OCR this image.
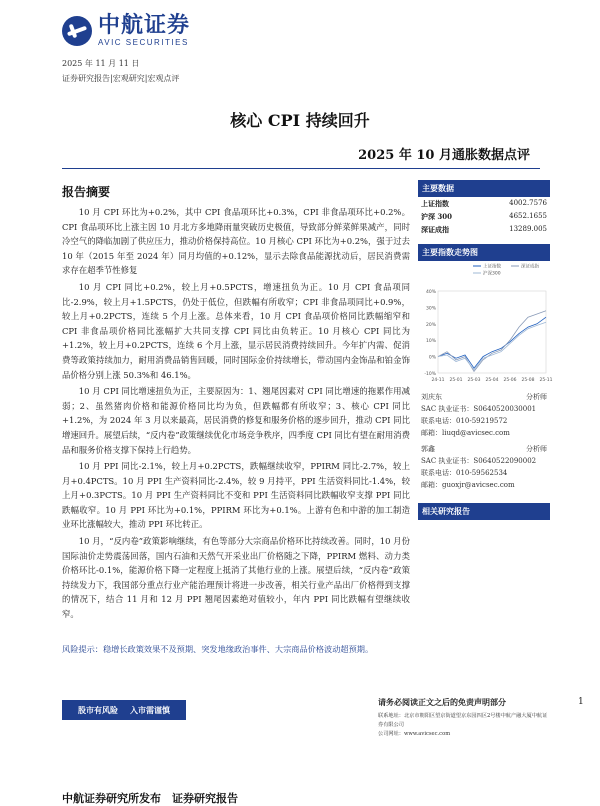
中航证券
AVIC SECURITIES
2025 年 11 月 11 日
证券研究报告|宏观研究|宏观点评
核心 CPI 持续回升
2025 年 10 月通胀数据点评
报告摘要

10 月 CPI 环比为+0.2%，其中 CPI 食品项环比+0.3%，CPI 非食品项环比+0.2%。CPI 食品项环比上涨主因 10 月北方多地降雨量突破历史极值，导致部分鲜菜鲜果减产，同时冷空气的降临加剧了供应压力，推动价格保持高位。10 月核心 CPI 环比为+0.2%，强于过去 10 年（2015 年至 2024 年）同月均值的+0.12%，显示去除食品能源扰动后，居民消费需求存在超季节性修复

10 月 CPI 同比+0.2%，较上月+0.5PCTS，增速扭负为正。10 月 CPI 食品项同比-2.9%，较上月+1.5PCTS，仍处于低位，但跌幅有所收窄；CPI 非食品项同比+0.9%，较上月+0.2PCTS，连续 5 个月上涨。总体来看，10 月 CPI 食品项价格同比跌幅缩窄和 CPI 非食品项价格同比涨幅扩大共同支撑 CPI 同比由负转正。10 月核心 CPI 同比为+1.2%，较上月+0.2PCTS，连续 6 个月上涨，显示居民消费持续回升。今年扩内需、促消费等政策持续加力，耐用消费品销售回暖，同时国际金价持续增长，带动国内金饰品和铂金饰品价格分别上涨 50.3%和 46.1%。

10 月 CPI 同比增速扭负为正，主要原因为：1、翘尾因素对 CPI 同比增速的拖累作用减弱；2、虽然猪肉价格和能源价格同比均为负，但跌幅都有所收窄；3、核心 CPI 同比+1.2%，为 2024 年 3 月以来最高，居民消费的修复和服务价格的逐步回升，推动 CPI 同比增速回升。展望后续，“反内卷”政策继续优化市场竞争秩序，四季度 CPI 同比有望在耐用消费品和服务价格支撑下保持上行趋势。

10 月 PPI 同比-2.1%，较上月+0.2PCTS，跌幅继续收窄，PPIRM 同比-2.7%，较上月+0.4PCTS。10 月 PPI 生产资料同比-2.4%，较 9 月持平，PPI 生活资料同比-1.4%，较上月+0.3PCTS。10 月 PPI 生产资料同比不变和 PPI 生活资料同比跌幅收窄支撑 PPI 同比跌幅收窄。10 月 PPI 环比为+0.1%，PPIRM 环比为+0.1%。上游有色和中游的加工制造业环比涨幅较大，推动 PPI 环比转正。

10 月，“反内卷”政策影响继续，有色等部分大宗商品价格环比持续改善。同时，10 月份国际油价走势震荡回落，国内石油和天然气开采业出厂价格随之下降，PPIRM 燃料、动力类价格环比-0.1%，能源价格下降一定程度上抵消了其他行业的上涨。展望后续，“反内卷”政策持续发力下，我国部分重点行业产能治理预计将进一步改善，相关行业产品出厂价格得到支撑的情况下，结合 11 月和 12 月 PPI 翘尾因素绝对值较小，年内 PPI 同比跌幅有望继续收窄。

风险提示：稳增长政策效果不及预期、突发地缘政治事件、大宗商品价格波动超预期。
主要数据
上证指数	4002.7576
沪深 300	4652.1655
深证成指	13289.005
主要指数走势图
40%
30%
20%
10%
0%
-10%
24-11 25-01 25-03 25-04 25-06 25-08 25-11
上证指数	深证成指
沪深300
刘庆东	分析师
SAC 执业证书：S0640520030001
联系电话：010-59219572
邮箱：liuqd@avicsec.com
郭鑫	分析师
SAC 执业证书：S0640522090002
联系电话：010-59562534
邮箱：guoxjr@avicsec.com
相关研究报告
股市有风险 入市需谨慎
请务必阅读正文之后的免责声明部分	1
联系地址：北京市朝阳区望京街道望京东园四区2号楼中航产融大厦中航证券有限公司
公司网址：www.avicsec.com
中航证券研究所发布　证券研究报告
